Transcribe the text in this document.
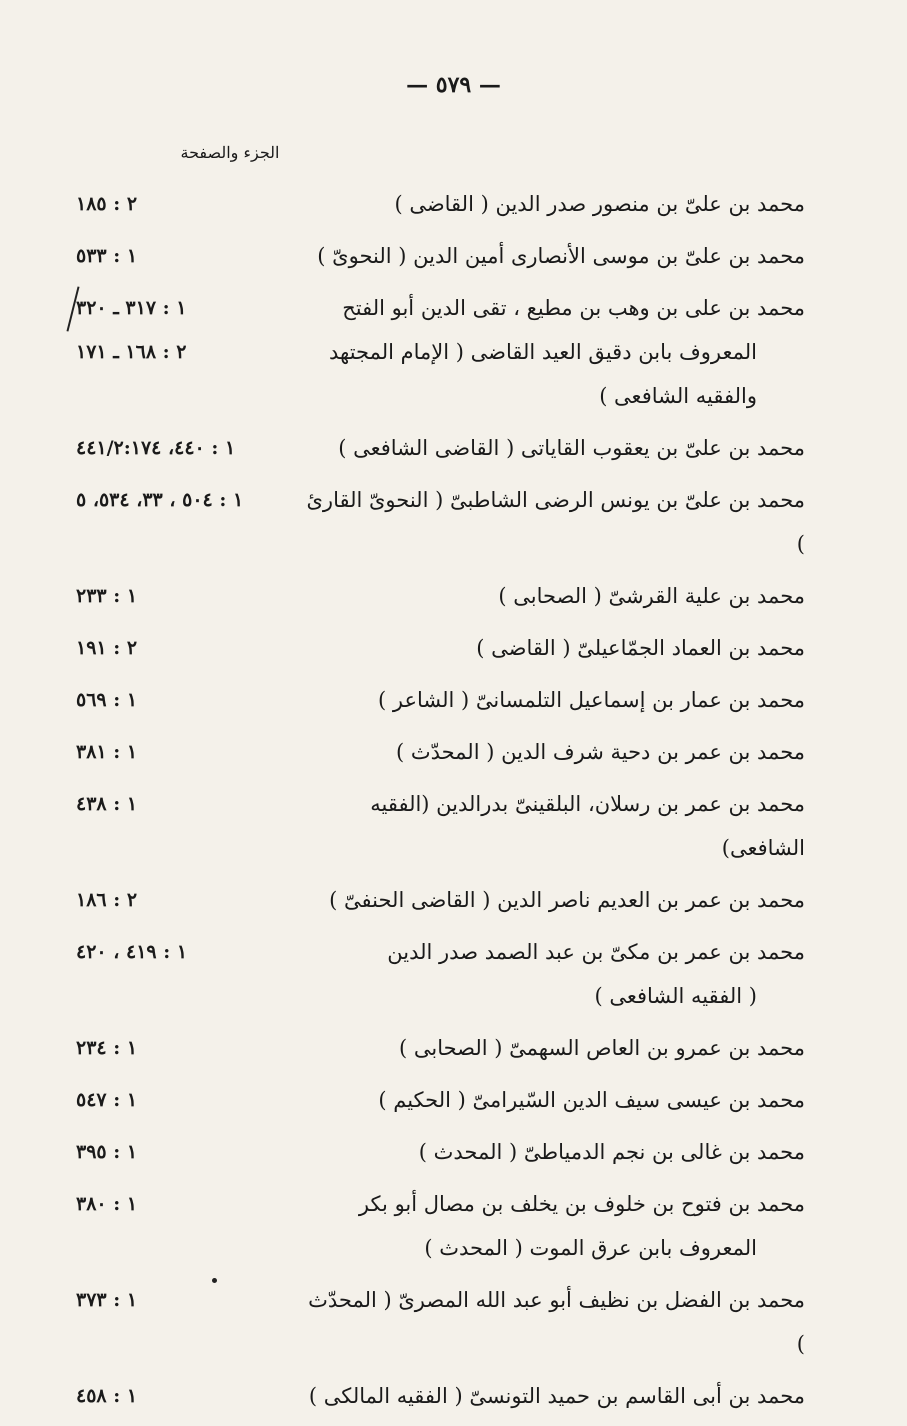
— ٥٧٩ —
الجزء والصفحة
محمد بن علىّ بن منصور صدر الدين ( القاضى )
٢ : ١٨٥
محمد بن علىّ بن موسى الأنصارى أمين الدين ( النحوىّ )
١ : ٥٣٣
محمد بن على بن وهب بن مطيع ، تقى الدين أبو الفتح
المعروف بابن دقيق العيد القاضى ( الإمام المجتهد والفقيه الشافعى )
١ : ٣١٧ ـ ٣٢٠
٢ : ١٦٨ ـ ١٧١
محمد بن علىّ بن يعقوب القاياتى ( القاضى الشافعى )
١ : ٤٤٠، ٤٤١/٢:١٧٤
محمد بن علىّ بن يونس الرضى الشاطبىّ ( النحوىّ القارئ )
١ : ٥٠٤ ، ٣٣، ٥٣٤، ٥
محمد بن علية القرشىّ ( الصحابى )
١ : ٢٣٣
محمد بن العماد الجمّاعيلىّ ( القاضى )
٢ : ١٩١
محمد بن عمار بن إسماعيل التلمسانىّ ( الشاعر )
١ : ٥٦٩
محمد بن عمر بن دحية شرف الدين ( المحدّث )
١ : ٣٨١
محمد بن عمر بن رسلان، البلقينىّ بدرالدين (الفقيه الشافعى)
١ : ٤٣٨
محمد بن عمر بن العديم ناصر الدين ( القاضى الحنفىّ )
٢ : ١٨٦
محمد بن عمر بن مكىّ بن عبد الصمد صدر الدين
( الفقيه الشافعى )
١ : ٤١٩ ، ٤٢٠
محمد بن عمرو بن العاص السهمىّ ( الصحابى )
١ : ٢٣٤
محمد بن عيسى سيف الدين السّيرامىّ ( الحكيم )
١ : ٥٤٧
محمد بن غالى بن نجم الدمياطىّ ( المحدث )
١ : ٣٩٥
محمد بن فتوح بن خلوف بن يخلف بن مصال أبو بكر
المعروف بابن عرق الموت ( المحدث )
١ : ٣٨٠
محمد بن الفضل بن نظيف أبو عبد الله المصرىّ ( المحدّث )
١ : ٣٧٣
محمد بن أبى القاسم بن حميد التونسىّ ( الفقيه المالكى )
١ : ٤٥٨
